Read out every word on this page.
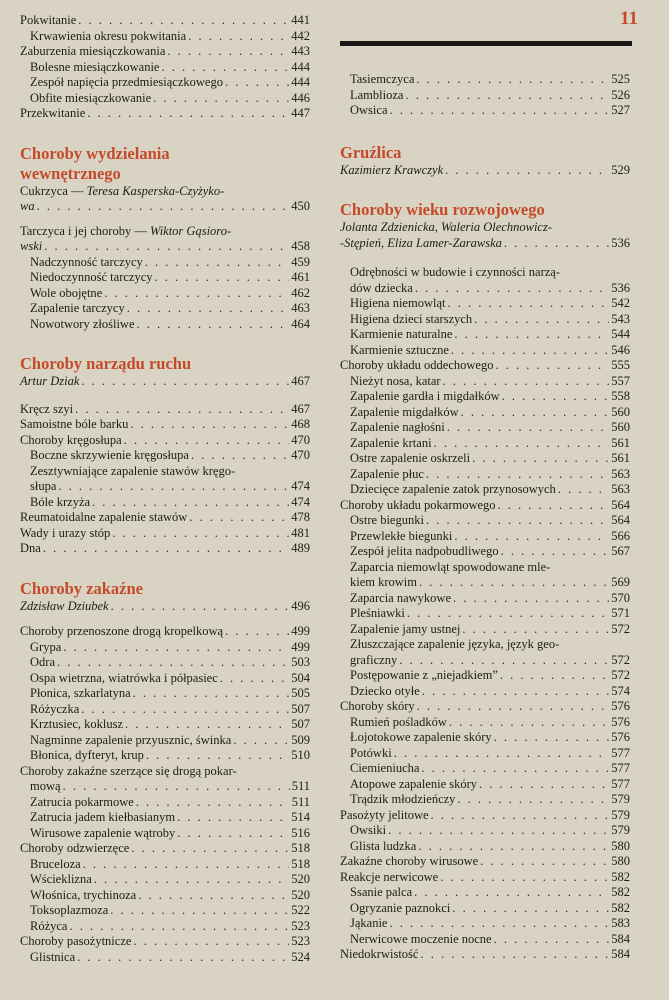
11
Pokwitanie . . .	441
Krwawienia okresu pokwitania . . .	442
Zaburzenia miesiączkowania . . .	443
Bolesne miesiączkowanie . . .	444
Zespół napięcia przedmiesiączkowego . . .	444
Obfite miesiączkowanie . . .	446
Przekwitanie . . .	447
Choroby wydzielania
wewnętrznego
Cukrzyca — Teresa Kasperska-Czyżyko-
wa . . .	450
Tarczyca i jej choroby — Wiktor Gąsioro-
wski . . .	458
Nadczynność tarczycy . . .	459
Niedoczynność tarczycy . . .	461
Wole obojętne . . .	462
Zapalenie tarczycy . . .	463
Nowotwory złośliwe . . .	464
Choroby narządu ruchu
Artur Dziak . . .	467
Kręcz szyi . . .	467
Samoistne bóle barku . . .	468
Choroby kręgosłupa . . .	470
Boczne skrzywienie kręgosłupa . . .	470
Zesztywniające zapalenie stawów kręgo-
słupa . . .	474
Bóle krzyża . . .	474
Reumatoidalne zapalenie stawów . . .	478
Wady i urazy stóp . . .	481
Dna . . .	489
Choroby zakaźne
Zdzisław Dziubek . . .	496
Choroby przenoszone drogą kropelkową . . .	499
Grypa . . .	499
Odra . . .	503
Ospa wietrzna, wiatrówka i półpasiec . . .	504
Płonica, szkarlatyna . . .	505
Różyczka . . .	507
Krztusiec, koklusz . . .	507
Nagminne zapalenie przyusznic, świnka . . .	509
Błonica, dyfteryt, krup . . .	510
Choroby zakaźne szerzące się drogą pokar-
mową . . .	511
Zatrucia pokarmowe . . .	511
Zatrucia jadem kiełbasianym . . .	514
Wirusowe zapalenie wątroby . . .	516
Choroby odzwierzęce . . .	518
Bruceloza . . .	518
Wścieklizna . . .	520
Włośnica, trychinoza . . .	520
Toksoplazmoza . . .	522
Różyca . . .	523
Choroby pasożytnicze . . .	523
Glistnica . . .	524
Tasiemczyca . . .	525
Lamblioza . . .	526
Owsica . . .	527
Gruźlica
Kazimierz Krawczyk . . .	529
Choroby wieku rozwojowego
Jolanta Zdzienicka, Waleria Olechnowicz-
-Stępień, Eliza Lamer-Zarawska . . .	536
Odrębności w budowie i czynności narzą-
dów dziecka . . .	536
Higiena niemowląt . . .	542
Higiena dzieci starszych . . .	543
Karmienie naturalne . . .	544
Karmienie sztuczne . . .	546
Choroby układu oddechowego . . .	555
Nieżyt nosa, katar . . .	557
Zapalenie gardła i migdałków . . .	558
Zapalenie migdałków . . .	560
Zapalenie nagłośni . . .	560
Zapalenie krtani . . .	561
Ostre zapalenie oskrzeli . . .	561
Zapalenie płuc . . .	563
Dziecięce zapalenie zatok przynosowych . . .	563
Choroby układu pokarmowego . . .	564
Ostre biegunki . . .	564
Przewlekłe biegunki . . .	566
Zespół jelita nadpobudliwego . . .	567
Zaparcia niemowląt spowodowane mle-
kiem krowim . . .	569
Zaparcia nawykowe . . .	570
Pleśniawki . . .	571
Zapalenie jamy ustnej . . .	572
Złuszczające zapalenie języka, język geo-
graficzny . . .	572
Postępowanie z „niejadkiem” . . .	572
Dziecko otyłe . . .	574
Choroby skóry . . .	576
Rumień pośladków . . .	576
Łojotokowe zapalenie skóry . . .	576
Potówki . . .	577
Ciemieniucha . . .	577
Atopowe zapalenie skóry . . .	577
Trądzik młodzieńczy . . .	579
Pasożyty jelitowe . . .	579
Owsiki . . .	579
Glista ludzka . . .	580
Zakaźne choroby wirusowe . . .	580
Reakcje nerwicowe . . .	582
Ssanie palca . . .	582
Ogryzanie paznokci . . .	582
Jąkanie . . .	583
Nerwicowe moczenie nocne . . .	584
Niedokrwistość . . .	584
